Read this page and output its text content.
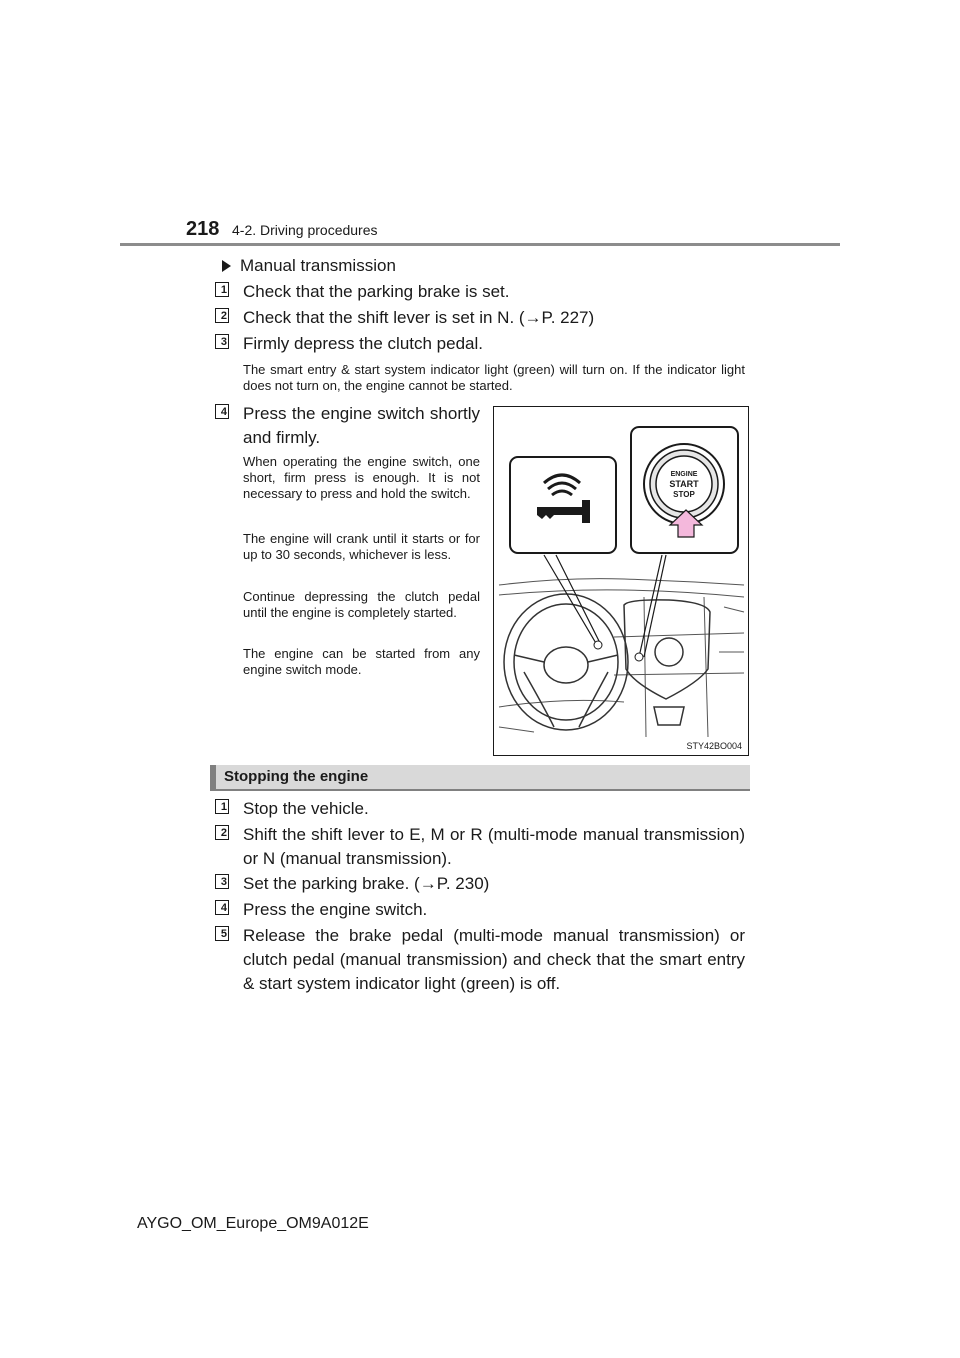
218 4-2. Driving procedures
Manual transmission
1 Check that the parking brake is set.
2 Check that the shift lever is set in N. (→P. 227)
3 Firmly depress the clutch pedal.
The smart entry & start system indicator light (green) will turn on. If the indicator light does not turn on, the engine cannot be started.
4 Press the engine switch shortly and firmly.
When operating the engine switch, one short, firm press is enough. It is not necessary to press and hold the switch.
The engine will crank until it starts or for up to 30 seconds, whichever is less.
Continue depressing the clutch pedal until the engine is completely started.
The engine can be started from any engine switch mode.
ENGINE
START
STOP
STY42BO004
Stopping the engine
1 Stop the vehicle.
2 Shift the shift lever to E, M or R (multi-mode manual transmission) or N (manual transmission).
3 Set the parking brake. (→P. 230)
4 Press the engine switch.
5 Release the brake pedal (multi-mode manual transmission) or clutch pedal (manual transmission) and check that the smart entry & start system indicator light (green) is off.
AYGO_OM_Europe_OM9A012E
